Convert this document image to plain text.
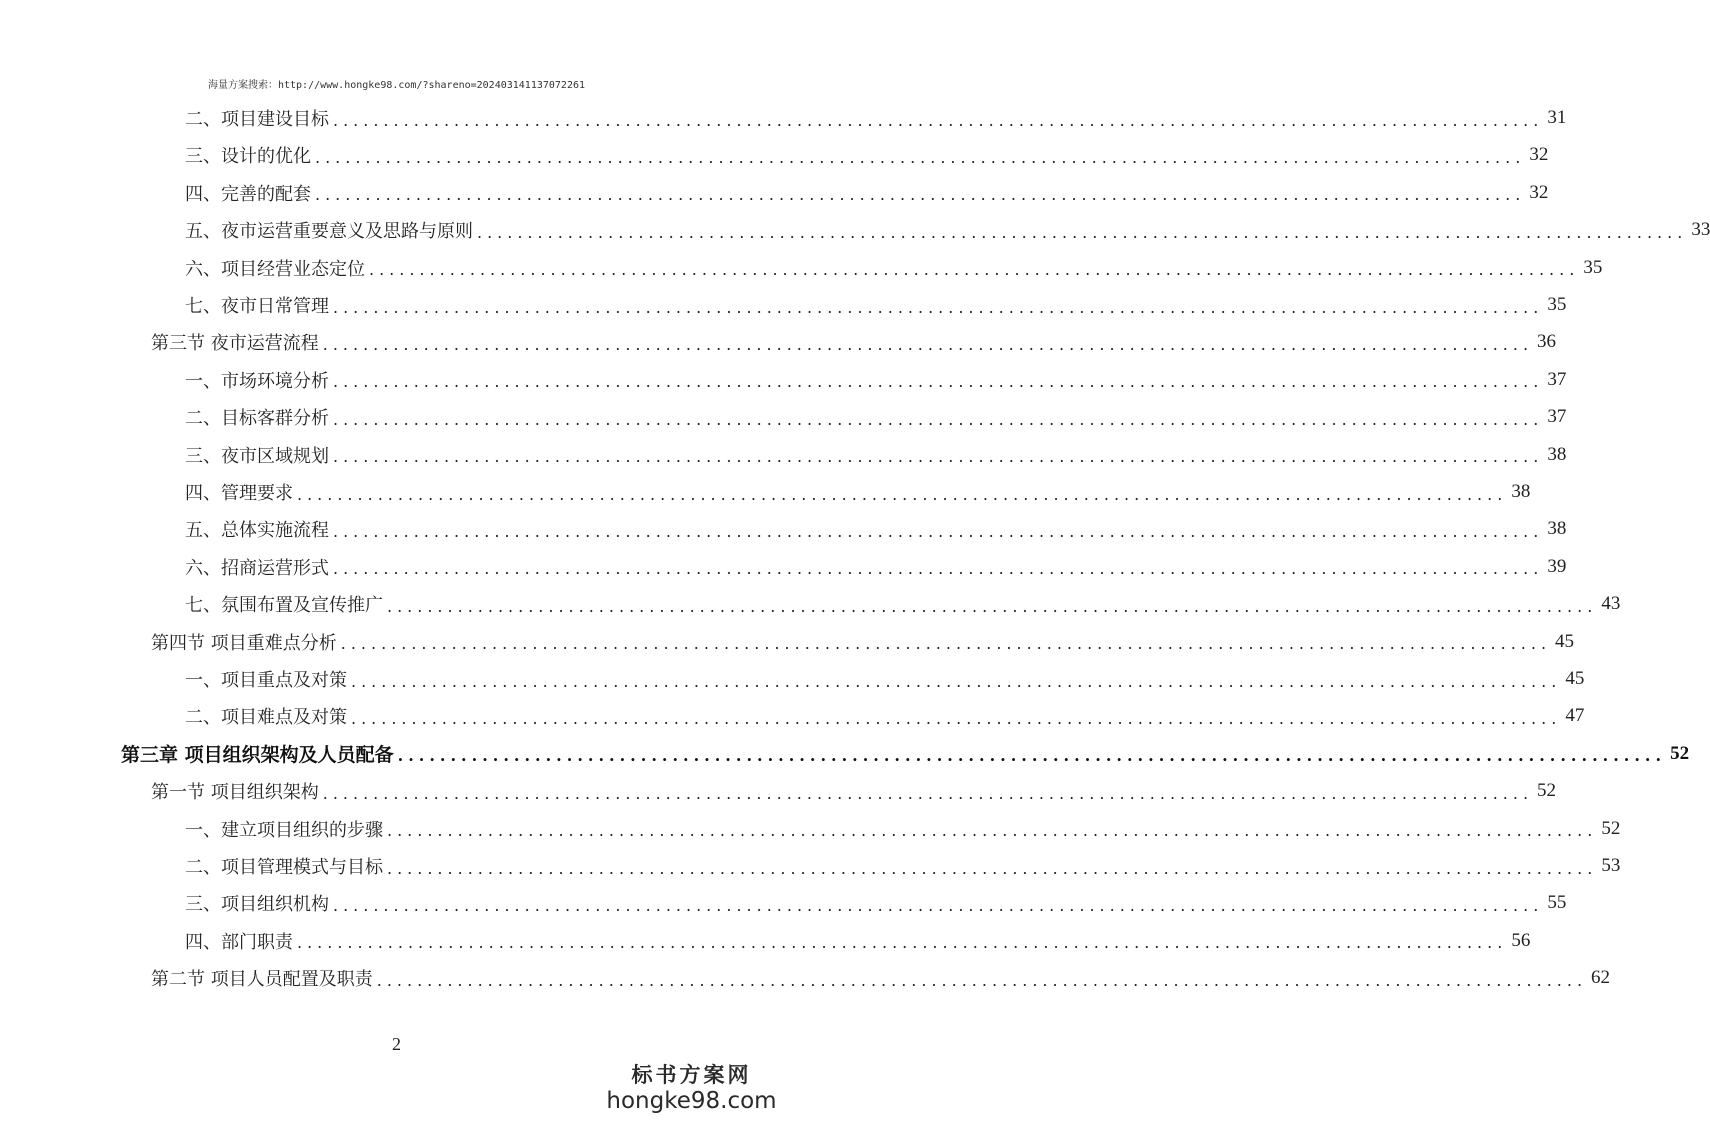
海量方案搜索：http://www.hongke98.com/?shareno=202403141137072261
二、项目建设目标 ........................................................................................................................ 31
三、设计的优化 ........................................................................................................................ 32
四、完善的配套 ........................................................................................................................ 32
五、夜市运营重要意义及思路与原则 ........................................................................................................................ 33
六、项目经营业态定位 ........................................................................................................................ 35
七、夜市日常管理 ........................................................................................................................ 35
第三节 夜市运营流程 ........................................................................................................................ 36
一、市场环境分析 ........................................................................................................................ 37
二、目标客群分析 ........................................................................................................................ 37
三、夜市区域规划 ........................................................................................................................ 38
四、管理要求 ........................................................................................................................ 38
五、总体实施流程 ........................................................................................................................ 38
六、招商运营形式 ........................................................................................................................ 39
七、氛围布置及宣传推广 ........................................................................................................................ 43
第四节 项目重难点分析 ........................................................................................................................ 45
一、项目重点及对策 ........................................................................................................................ 45
二、项目难点及对策 ........................................................................................................................ 47
第三章 项目组织架构及人员配备 ........................................................................................................................ 52
第一节 项目组织架构 ........................................................................................................................ 52
一、建立项目组织的步骤 ........................................................................................................................ 52
二、项目管理模式与目标 ........................................................................................................................ 53
三、项目组织机构 ........................................................................................................................ 55
四、部门职责 ........................................................................................................................ 56
第二节 项目人员配置及职责 ........................................................................................................................ 62
2
标书方案网
hongke98.com
